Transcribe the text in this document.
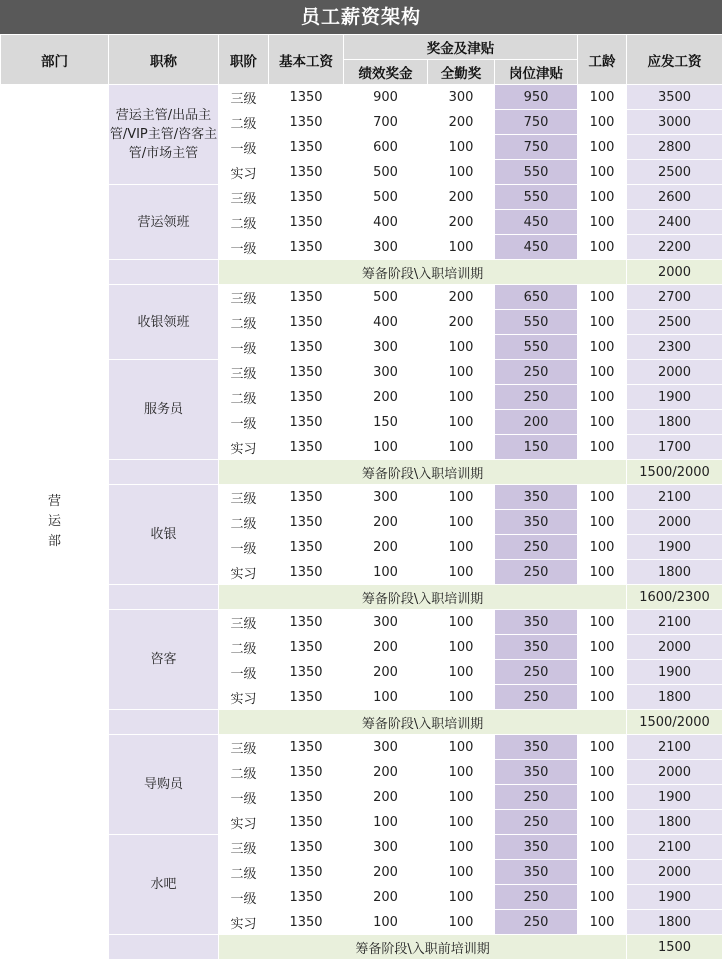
员工薪资架构
部门	职称	职阶	基本工资	奖金及津贴			工龄	应发工资
				绩效奖金	全勤奖	岗位津贴		
营运部	营运主管/出品主管/VIP主管/咨客主管/市场主管	三级	1350	900	300	950	100	3500
		二级	1350	700	200	750	100	3000
		一级	1350	600	100	750	100	2800
		实习	1350	500	100	550	100	2500
	营运领班	三级	1350	500	200	550	100	2600
		二级	1350	400	200	450	100	2400
		一级	1350	300	100	450	100	2200
		筹备阶段\入职培训期						2000
	收银领班	三级	1350	500	200	650	100	2700
		二级	1350	400	200	550	100	2500
		一级	1350	300	100	550	100	2300
	服务员	三级	1350	300	100	250	100	2000
		二级	1350	200	100	250	100	1900
		一级	1350	150	100	200	100	1800
		实习	1350	100	100	150	100	1700
		筹备阶段\入职培训期						1500/2000
	收银	三级	1350	300	100	350	100	2100
		二级	1350	200	100	350	100	2000
		一级	1350	200	100	250	100	1900
		实习	1350	100	100	250	100	1800
		筹备阶段\入职培训期						1600/2300
	咨客	三级	1350	300	100	350	100	2100
		二级	1350	200	100	350	100	2000
		一级	1350	200	100	250	100	1900
		实习	1350	100	100	250	100	1800
		筹备阶段\入职培训期						1500/2000
	导购员	三级	1350	300	100	350	100	2100
		二级	1350	200	100	350	100	2000
		一级	1350	200	100	250	100	1900
		实习	1350	100	100	250	100	1800
	水吧	三级	1350	300	100	350	100	2100
		二级	1350	200	100	350	100	2000
		一级	1350	200	100	250	100	1900
		实习	1350	100	100	250	100	1800
		筹备阶段\入职前培训期						1500
